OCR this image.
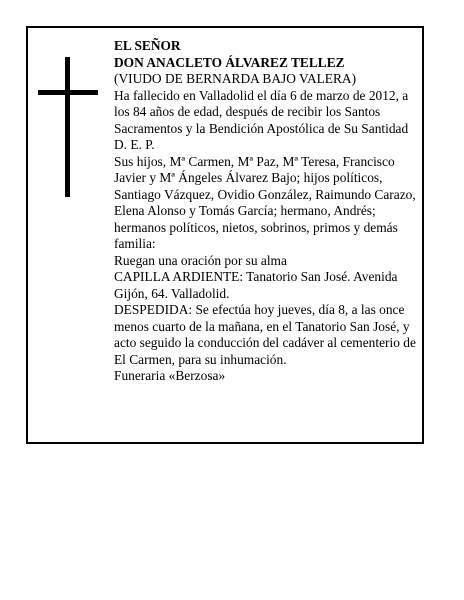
EL SEÑOR

DON ANACLETO ÁLVAREZ TELLEZ

(VIUDO DE BERNARDA BAJO VALERA)

Ha fallecido en Valladolid el día 6 de marzo de 2012, a los 84 años de edad, después de recibir los Santos Sacramentos y la Bendición Apostólica de Su Santidad D. E. P.

Sus hijos, Mª Carmen, Mª Paz, Mª Teresa, Francisco Javier y Mª Ángeles Álvarez Bajo; hijos políticos, Santiago Vázquez, Ovidio González, Raimundo Carazo, Elena Alonso y Tomás García; hermano, Andrés; hermanos políticos, nietos, sobrinos, primos y demás familia:

Ruegan una oración por su alma

CAPILLA ARDIENTE: Tanatorio San José. Avenida Gijón, 64. Valladolid.

DESPEDIDA: Se efectúa hoy jueves, día 8, a las once menos cuarto de la mañana, en el Tanatorio San José, y acto seguido la conducción del cadáver al cementerio de El Carmen, para su inhumación.

Funeraria «Berzosa»
